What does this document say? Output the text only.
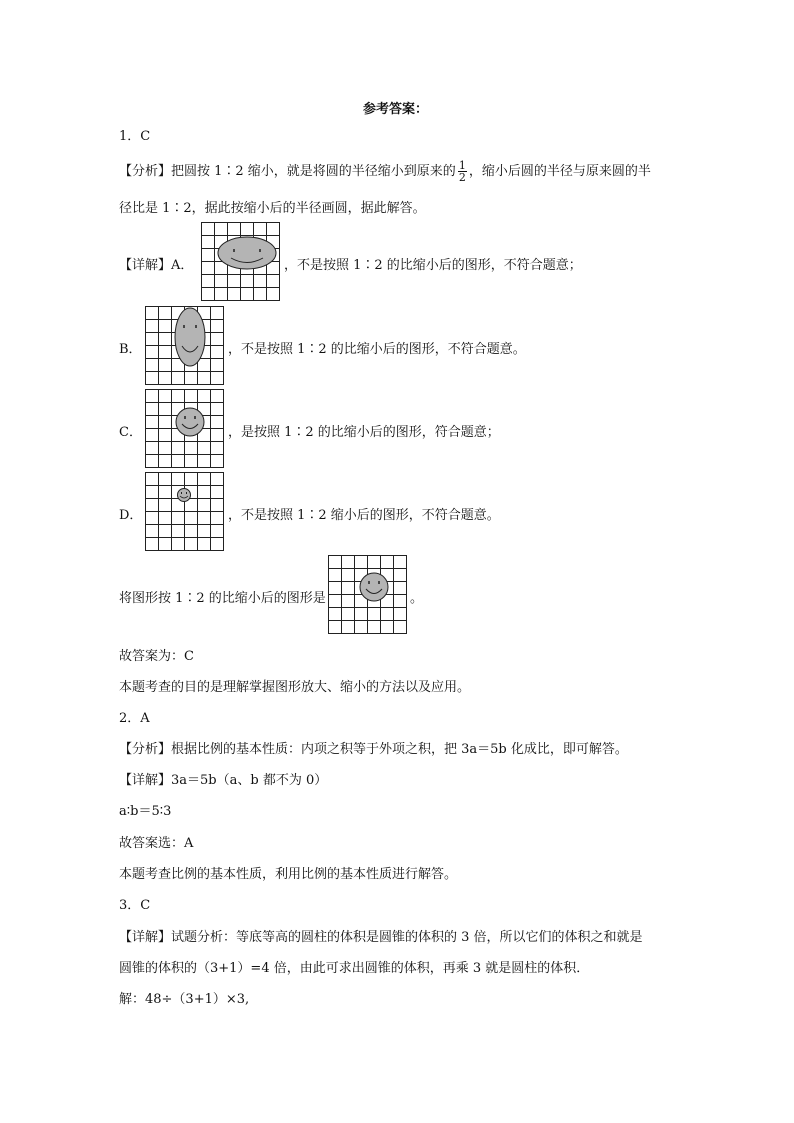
参考答案：
1．C
【分析】把圆按 1∶2 缩小，就是将圆的半径缩小到原来的 $\frac{1}{2}$ ，缩小后圆的半径与原来圆的半
径比是 1∶2，据此按缩小后的半径画圆，据此解答。
【详解】A．	，不是按照 1∶2 的比缩小后的图形，不符合题意；
B．	，不是按照 1∶2 的比缩小后的图形，不符合题意。
C．	，是按照 1∶2 的比缩小后的图形，符合题意；
D．	，不是按照 1∶2 缩小后的图形，不符合题意。
将图形按 1∶2 的比缩小后的图形是	。
故答案为：C
本题考查的目的是理解掌握图形放大、缩小的方法以及应用。
2．A
【分析】根据比例的基本性质：内项之积等于外项之积，把 3a＝5b 化成比，即可解答。
【详解】3a＝5b（a、b 都不为 0）
a∶b＝5∶3
故答案选：A
本题考查比例的基本性质，利用比例的基本性质进行解答。
3．C
【详解】试题分析：等底等高的圆柱的体积是圆锥的体积的 3 倍，所以它们的体积之和就是
圆锥的体积的（3+1）=4 倍，由此可求出圆锥的体积，再乘 3 就是圆柱的体积．
解：48÷（3+1）×3,
